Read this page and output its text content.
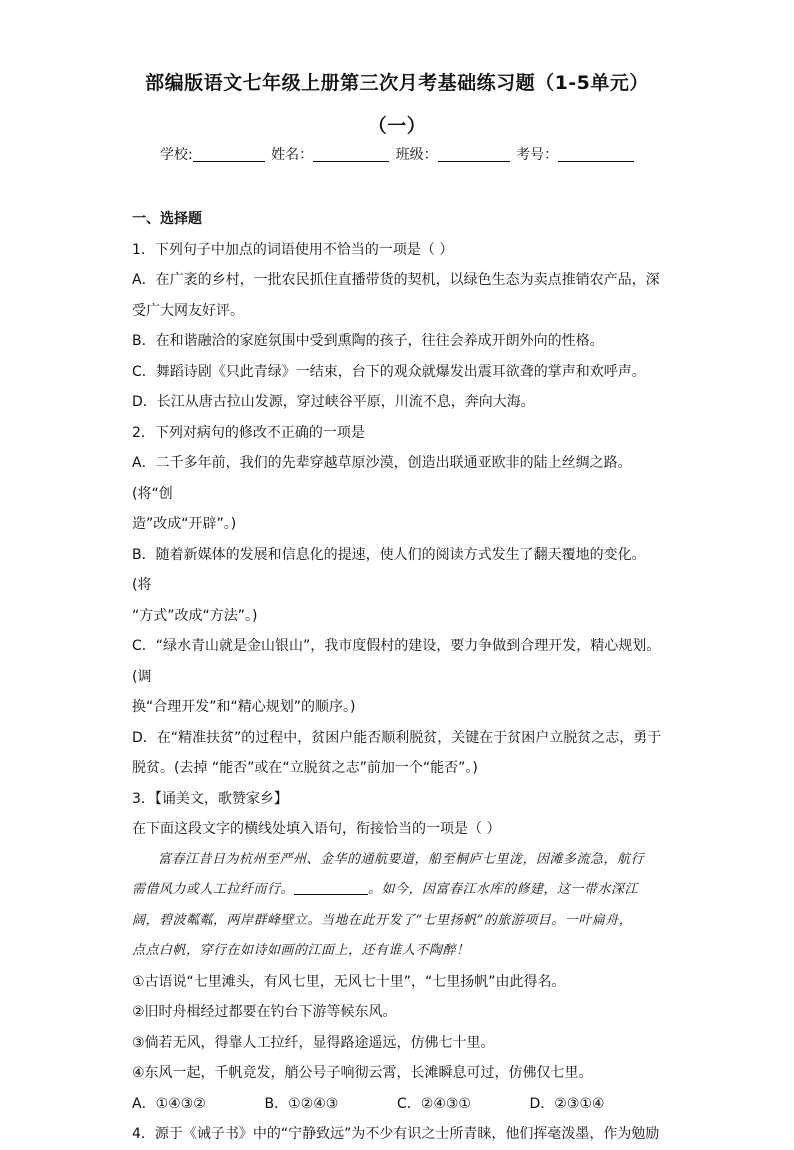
部编版语文七年级上册第三次月考基础练习题（1-5单元）
（一）
学校:	姓名：	班级：	考号：

一、选择题

1．下列句子中加点的词语使用不恰当的一项是（ ）

A．在广袤的乡村，一批农民抓住直播带货的契机，以绿色生态为卖点推销农产品，深

受广大网友好评。

B．在和谐融洽的家庭氛围中受到熏陶的孩子，往往会养成开朗外向的性格。

C．舞蹈诗剧《只此青绿》一结束，台下的观众就爆发出震耳欲聋的掌声和欢呼声。

D．长江从唐古拉山发源，穿过峡谷平原，川流不息，奔向大海。

2．下列对病句的修改不正确的一项是

A．二千多年前，我们的先辈穿越草原沙漠，创造出联通亚欧非的陆上丝绸之路。(将“创

造”改成“开辟”。)

B．随着新媒体的发展和信息化的提速，使人们的阅读方式发生了翻天覆地的变化。(将

“方式”改成“方法”。)

C．“绿水青山就是金山银山”，我市度假村的建设，要力争做到合理开发，精心规划。(调

换“合理开发”和“精心规划”的顺序。)

D．在“精准扶贫”的过程中，贫困户能否顺利脱贫，关键在于贫困户立脱贫之志，勇于

脱贫。(去掉 “能否”或在“立脱贫之志”前加一个“能否”。)

3．【诵美文，歌赞家乡】

在下面这段文字的横线处填入语句，衔接恰当的一项是（ ）

富春江昔日为杭州至严州、金华的通航要道，船至桐庐七里泷，因滩多流急，航行

需借风力或人工拉纤而行。	。如今，因富春江水库的修建，这一带水深江

阔，碧波粼粼，两岸群峰壁立。当地在此开发了“七里扬帆”的旅游项目。一叶扁舟，

点点白帆，穿行在如诗如画的江面上，还有谁人不陶醉！

①古语说“七里滩头，有风七里，无风七十里”，“七里扬帆”由此得名。

②旧时舟楫经过都要在钓台下游等候东风。

③倘若无风，得靠人工拉纤，显得路途遥远，仿佛七十里。

④东风一起，千帆竞发，艄公号子响彻云霄，长滩瞬息可过，仿佛仅七里。

A．①④③②	B．①②④③	C．②④③①	D．②③①④

4．源于《诫子书》中的“宁静致远”为不少有识之士所青睐，他们挥毫泼墨，作为勉励
